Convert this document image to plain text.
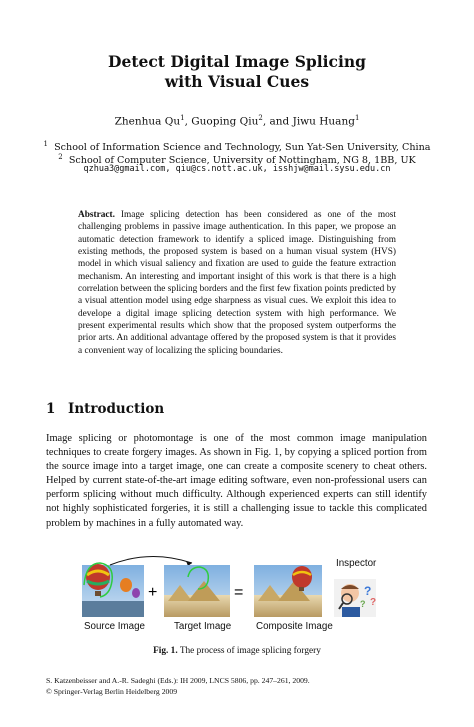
Detect Digital Image Splicing
with Visual Cues
Zhenhua Qu$^1$, Guoping Qiu$^2$, and Jiwu Huang$^1$
$^1$ School of Information Science and Technology, Sun Yat-Sen University, China
$^2$ School of Computer Science, University of Nottingham, NG 8, 1BB, UK
qzhua3@gmail.com, qiu@cs.nott.ac.uk, isshjw@mail.sysu.edu.cn
Abstract. Image splicing detection has been considered as one of the most challenging problems in passive image authentication. In this paper, we propose an automatic detection framework to identify a spliced image. Distinguishing from existing methods, the proposed system is based on a human visual system (HVS) model in which visual saliency and fixation are used to guide the feature extraction mechanism. An interesting and important insight of this work is that there is a high correlation between the splicing borders and the first few fixation points predicted by a visual attention model using edge sharpness as visual cues. We exploit this idea to develope a digital image splicing detection system with high performance. We present experimental results which show that the proposed system outperforms the prior arts. An additional advantage offered by the proposed system is that it provides a convenient way of localizing the splicing boundaries.
1 Introduction
Image splicing or photomontage is one of the most common image manipulation techniques to create forgery images. As shown in Fig. 1, by copying a spliced portion from the source image into a target image, one can create a composite scenery to cheat others. Helped by current state-of-the-art image editing software, even non-professional users can perform splicing without much difficulty. Although experienced experts can still identify not highly sophisticated forgeries, it is still a challenging issue to tackle this complicated problem by machines in a fully automated way.
+	=	?
?
?
Inspector
Source Image	Target Image	Composite Image
Fig. 1. The process of image splicing forgery
S. Katzenbeisser and A.-R. Sadeghi (Eds.): IH 2009, LNCS 5806, pp. 247–261, 2009.
© Springer-Verlag Berlin Heidelberg 2009
